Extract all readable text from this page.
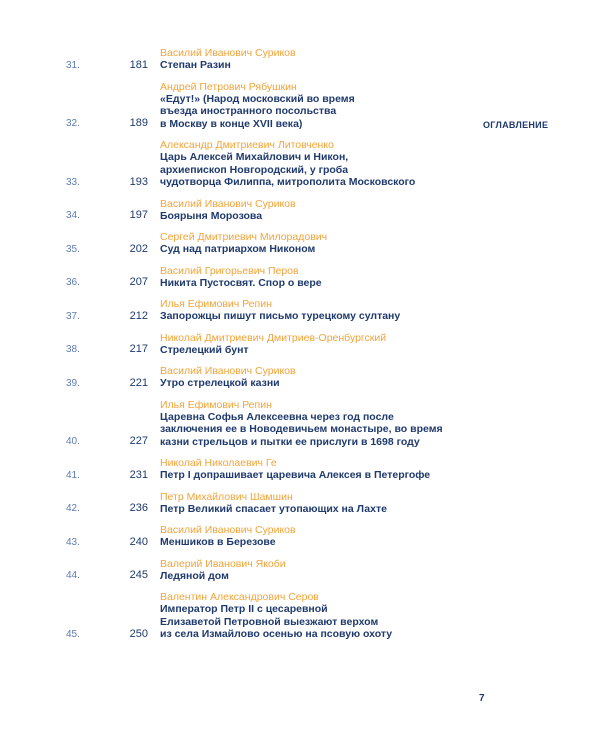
ОГЛАВЛЕНИЕ
Василий Иванович Суриков
Степан Разин
31.	181
Андрей Петрович Рябушкин
«Едут!» (Народ московский во время
въезда иностранного посольства
в Москву в конце XVII века)
32.	189
Александр Дмитриевич Литовченко
Царь Алексей Михайлович и Никон,
архиепископ Новгородский, у гроба
чудотворца Филиппа, митрополита Московского
33.	193
Василий Иванович Суриков
Боярыня Морозова
34.	197
Сергей Дмитриевич Милорадович
Суд над патриархом Никоном
35.	202
Василий Григорьевич Перов
Никита Пустосвят. Спор о вере
36.	207
Илья Ефимович Репин
Запорожцы пишут письмо турецкому султану
37.	212
Николай Дмитриевич Дмитриев-Оренбургский
Стрелецкий бунт
38.	217
Василий Иванович Суриков
Утро стрелецкой казни
39.	221
Илья Ефимович Репин
Царевна Софья Алексеевна через год после
заключения ее в Новодевичьем монастыре, во время
казни стрельцов и пытки ее прислуги в 1698 году
40.	227
Николай Николаевич Ге
Петр I допрашивает царевича Алексея в Петергофе
41.	231
Петр Михайлович Шамшин
Петр Великий спасает утопающих на Лахте
42.	236
Василий Иванович Суриков
Меншиков в Березове
43.	240
Валерий Иванович Якоби
Ледяной дом
44.	245
Валентин Александрович Серов
Император Петр II с цесаревной
Елизаветой Петровной выезжают верхом
из села Измайлово осенью на псовую охоту
45.	250
7
